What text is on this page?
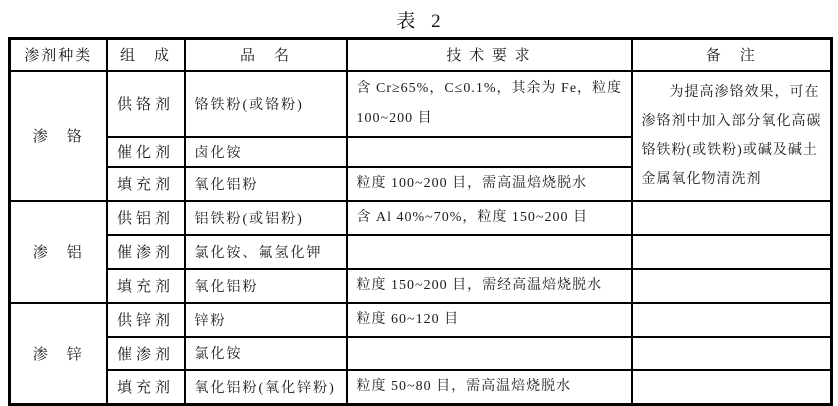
表 2
渗剂种类	组　成	品　名	技 术 要 求	备　注
渗　铬	供铬剂	铬铁粉(或铬粉)	含 Cr≥65%，C≤0.1%，其余为 Fe，粒度 100~200 目	为提高渗铬效果，可在渗铬剂中加入部分氧化高碳铬铁粉(或铁粉)或碱及碱土金属氧化物清洗剂
	催化剂	卤化铵		
	填充剂	氧化铝粉	粒度 100~200 目，需高温焙烧脱水	
渗　铝	供铝剂	铝铁粉(或铝粉)	含 Al 40%~70%，粒度 150~200 目	
	催渗剂	氯化铵、氟氢化钾		
	填充剂	氧化铝粉	粒度 150~200 目，需经高温焙烧脱水	
渗　锌	供锌剂	锌粉	粒度 60~120 目	
	催渗剂	氯化铵		
	填充剂	氧化铝粉(氧化锌粉)	粒度 50~80 目，需高温焙烧脱水	
